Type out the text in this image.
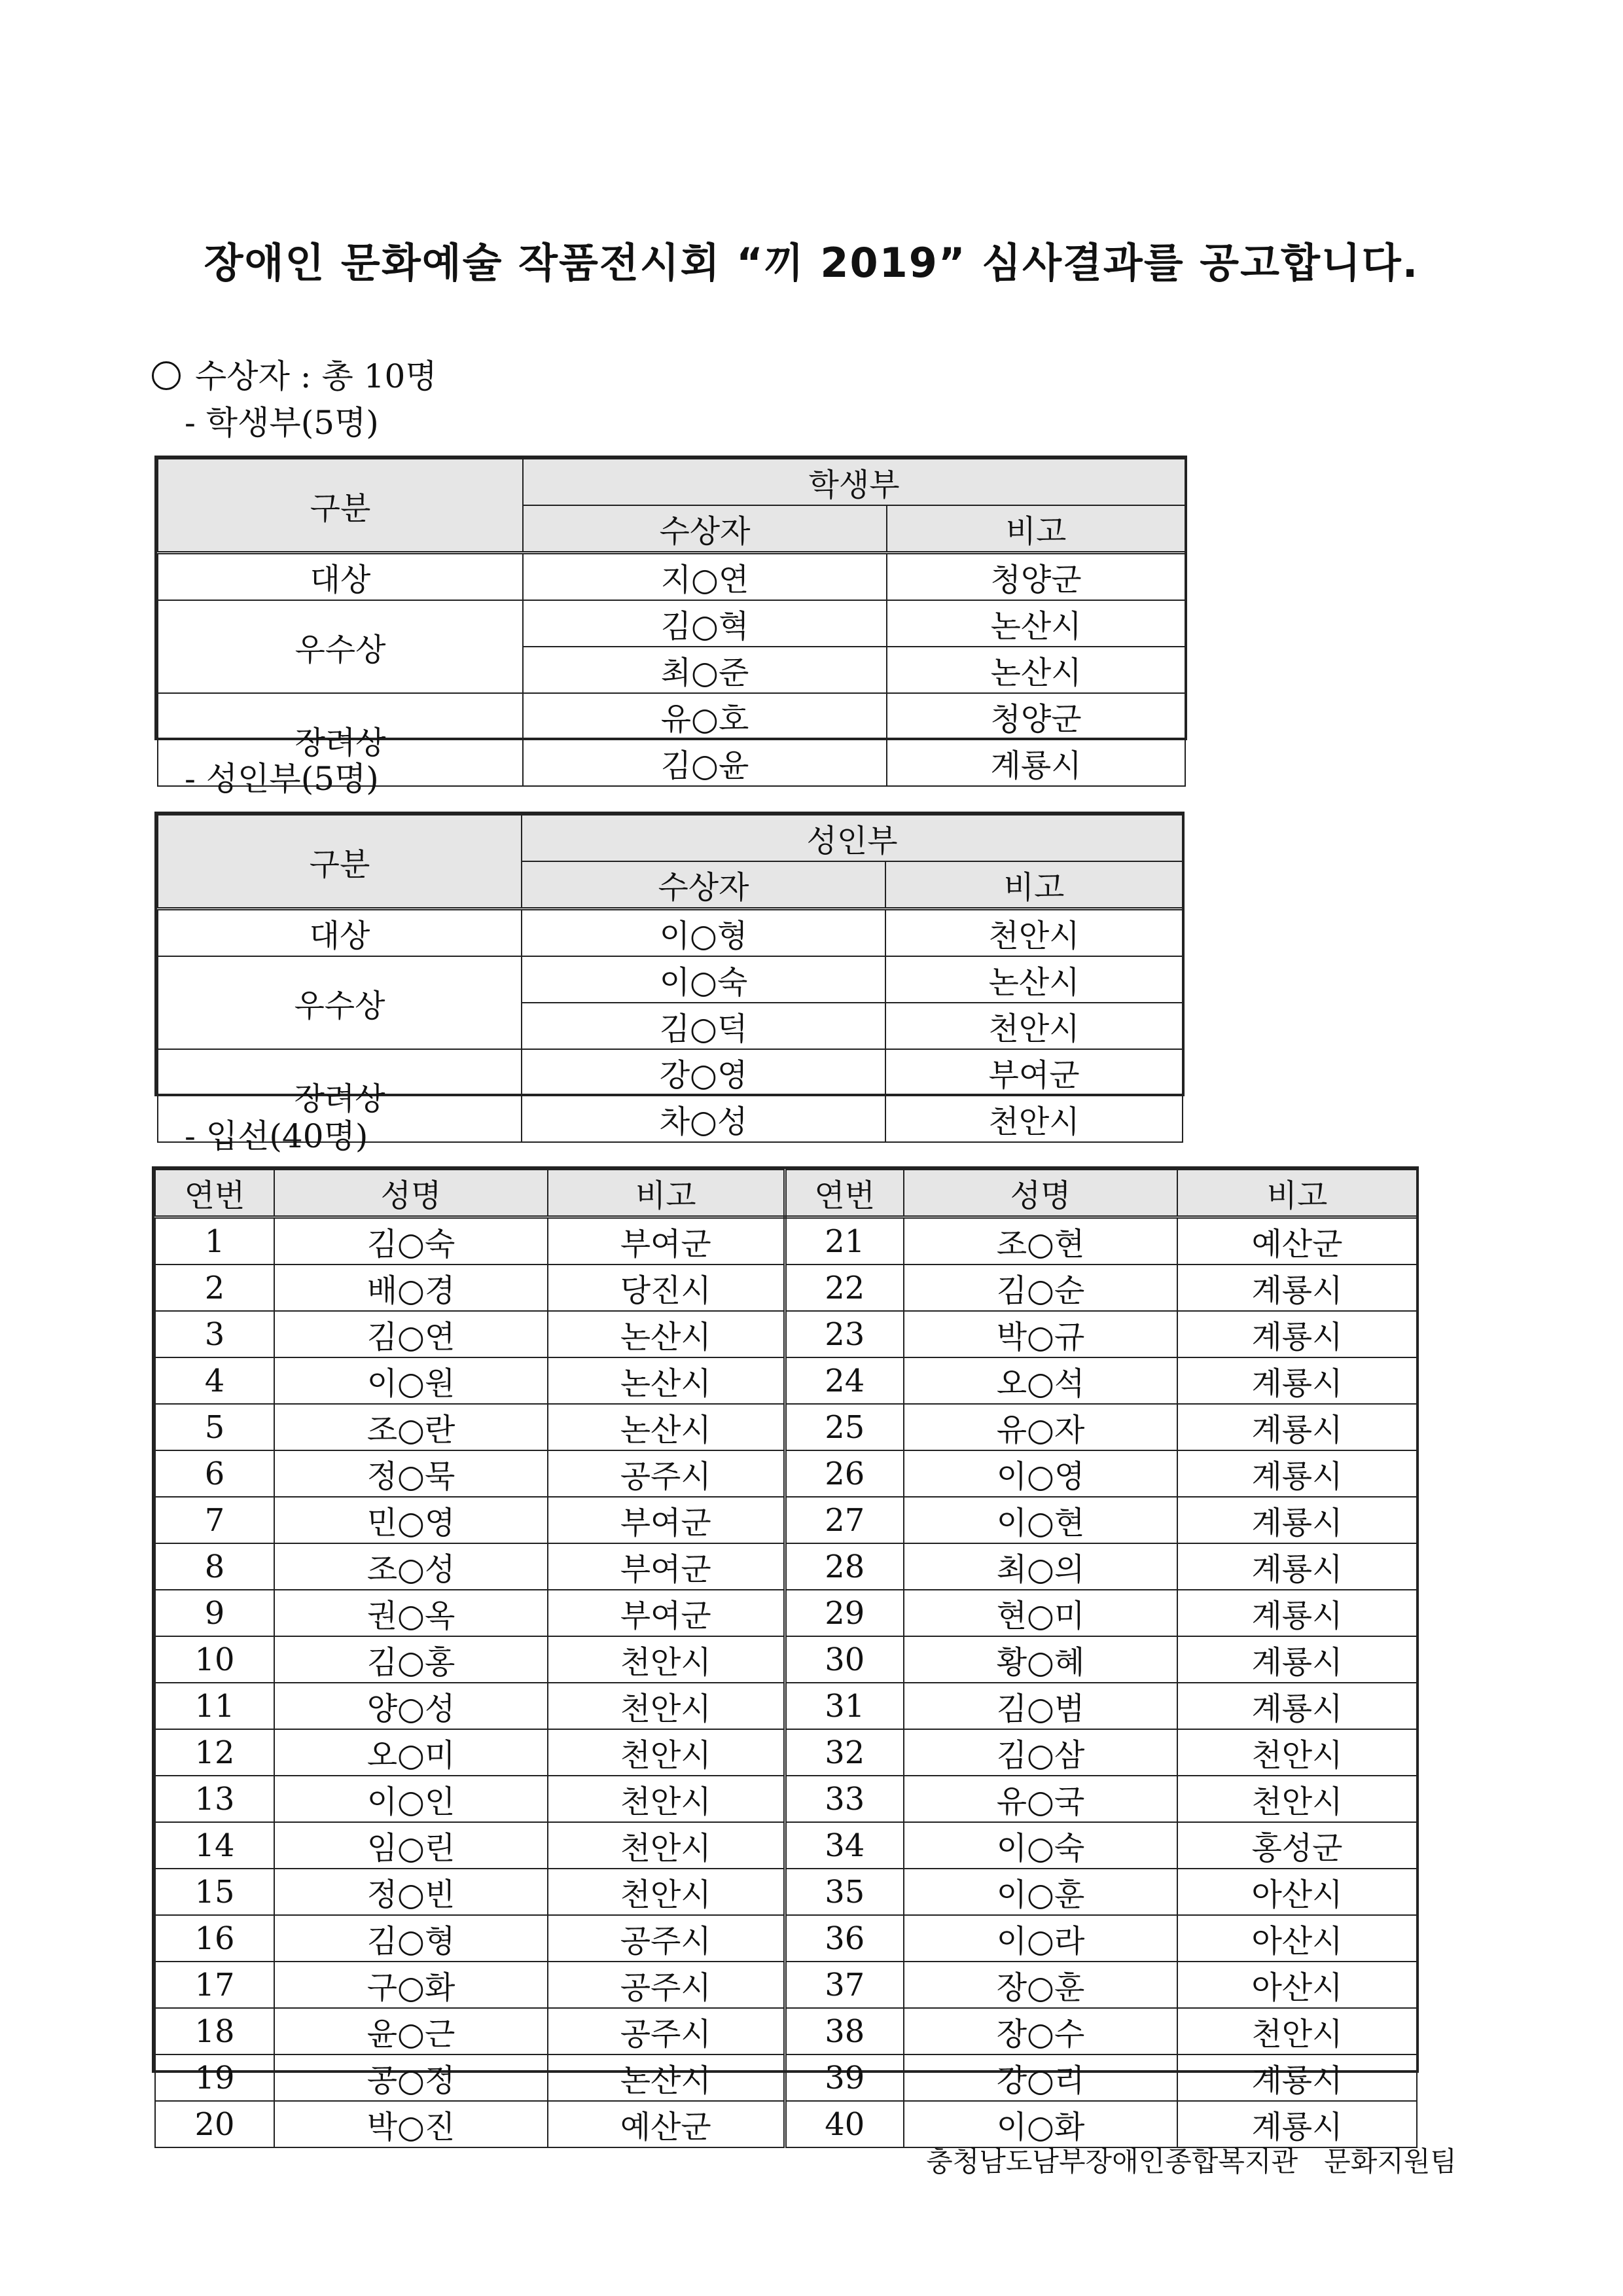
장애인 문화예술 작품전시회 “끼 2019” 심사결과를 공고합니다.
수상자 : 총 10명
- 학생부(5명)
구분	학생부	
	수상자	비고
대상	지○연	청양군
우수상	김○혁	논산시
	최○준	논산시
장려상	유○호	청양군
	김○윤	계룡시
- 성인부(5명)
구분	성인부	
	수상자	비고
대상	이○형	천안시
우수상	이○숙	논산시
	김○덕	천안시
장려상	강○영	부여군
	차○성	천안시
- 입선(40명)
연번	성명	비고	연번	성명	비고
1	김○숙	부여군	21	조○현	예산군
2	배○경	당진시	22	김○순	계룡시
3	김○연	논산시	23	박○규	계룡시
4	이○원	논산시	24	오○석	계룡시
5	조○란	논산시	25	유○자	계룡시
6	정○묵	공주시	26	이○영	계룡시
7	민○영	부여군	27	이○현	계룡시
8	조○성	부여군	28	최○의	계룡시
9	권○옥	부여군	29	현○미	계룡시
10	김○홍	천안시	30	황○혜	계룡시
11	양○성	천안시	31	김○범	계룡시
12	오○미	천안시	32	김○삼	천안시
13	이○인	천안시	33	유○국	천안시
14	임○린	천안시	34	이○숙	홍성군
15	정○빈	천안시	35	이○훈	아산시
16	김○형	공주시	36	이○라	아산시
17	구○화	공주시	37	장○훈	아산시
18	윤○근	공주시	38	장○수	천안시
19	공○정	논산시	39	강○리	계룡시
20	박○진	예산군	40	이○화	계룡시
충청남도남부장애인종합복지관   문화지원팀
